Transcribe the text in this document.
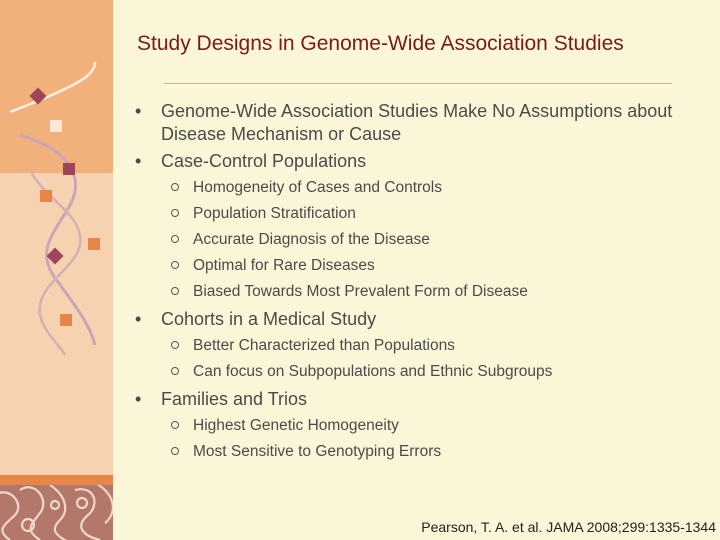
Study Designs in Genome-Wide Association Studies
• Genome-Wide Association Studies Make No Assumptions about Disease Mechanism or Cause
• Case-Control Populations
Homogeneity of Cases and Controls
Population Stratification
Accurate Diagnosis of the Disease
Optimal for Rare Diseases
Biased Towards Most Prevalent Form of Disease
• Cohorts in a Medical Study
Better Characterized than Populations
Can focus on Subpopulations and Ethnic Subgroups
• Families and Trios
Highest Genetic Homogeneity
Most Sensitive to Genotyping Errors
Pearson, T. A. et al. JAMA 2008;299:1335-1344
